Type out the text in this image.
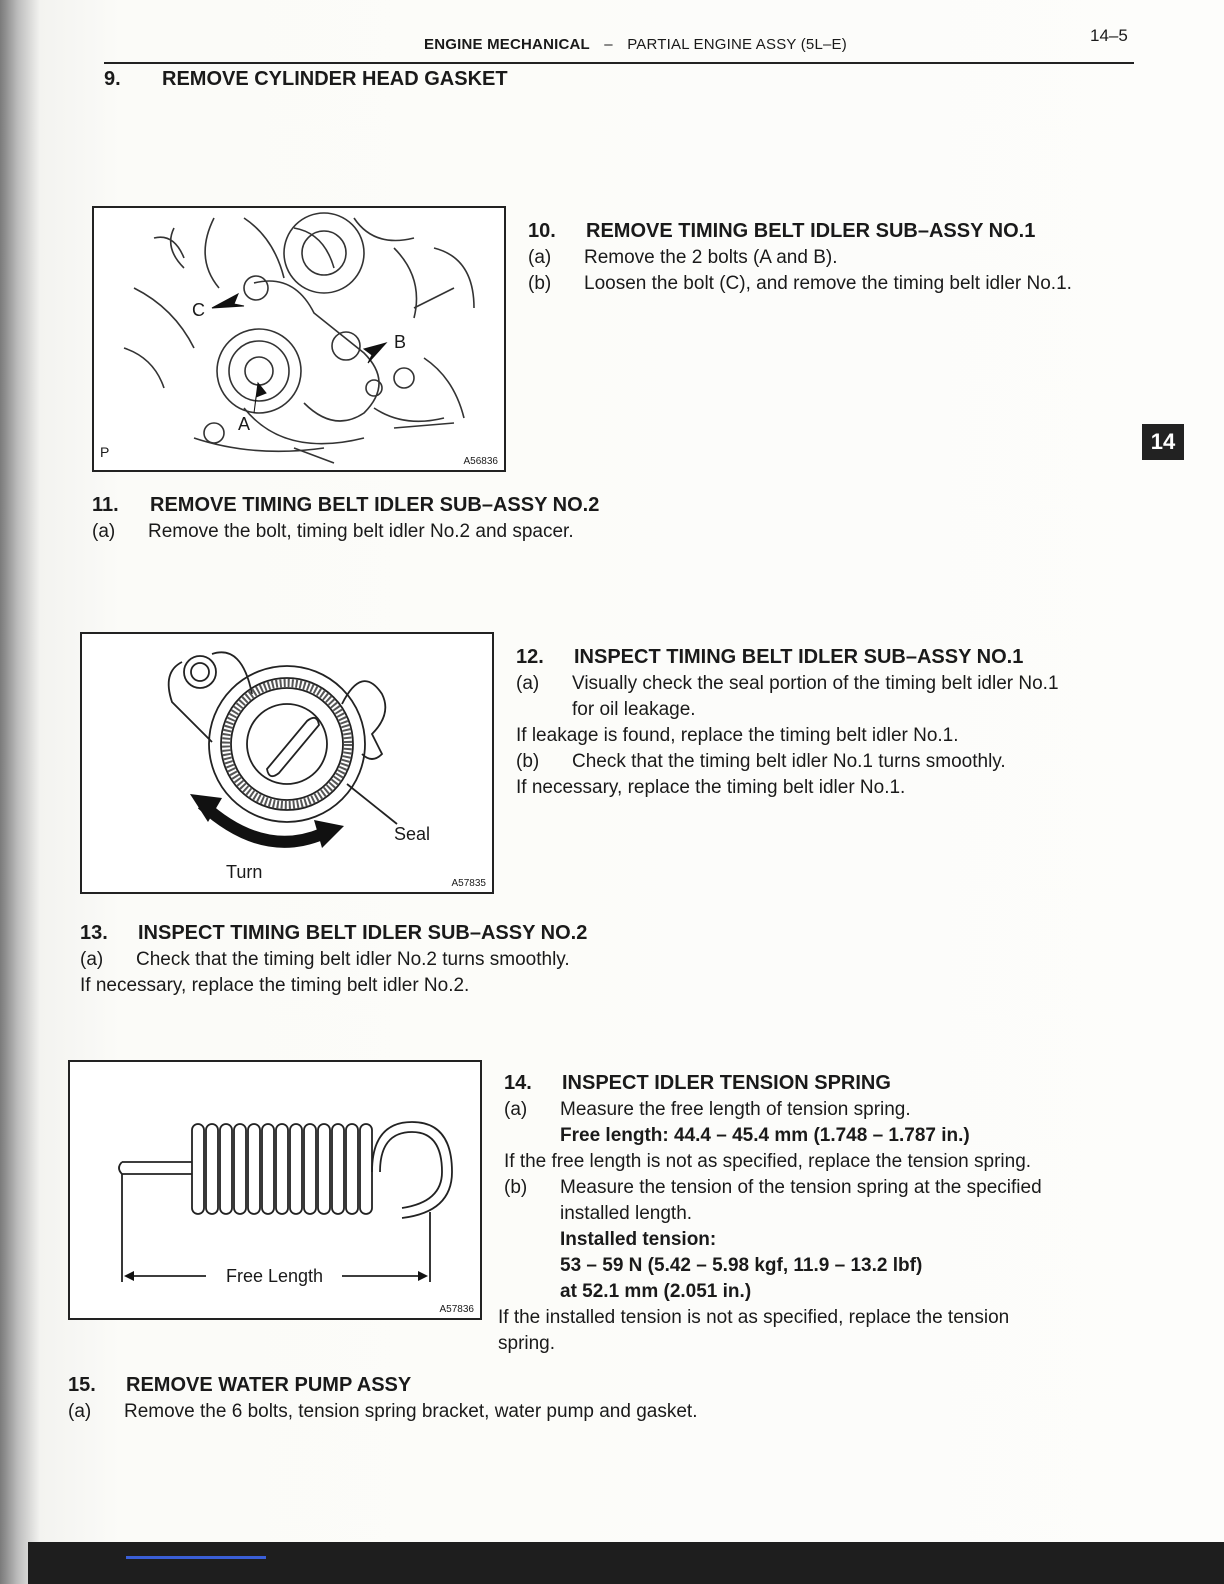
ENGINE MECHANICAL – PARTIAL ENGINE ASSY (5L–E)	14–5
14
9. REMOVE CYLINDER HEAD GASKET
C
B
A
P
A56836
10. REMOVE TIMING BELT IDLER SUB–ASSY NO.1
(a) Remove the 2 bolts (A and B).
(b) Loosen the bolt (C), and remove the timing belt idler No.1.
11. REMOVE TIMING BELT IDLER SUB–ASSY NO.2
(a) Remove the bolt, timing belt idler No.2 and spacer.
Seal
Turn
A57835
12. INSPECT TIMING BELT IDLER SUB–ASSY NO.1
(a) Visually check the seal portion of the timing belt idler No.1
for oil leakage.
If leakage is found, replace the timing belt idler No.1.
(b) Check that the timing belt idler No.1 turns smoothly.
If necessary, replace the timing belt idler No.1.
13. INSPECT TIMING BELT IDLER SUB–ASSY NO.2
(a) Check that the timing belt idler No.2 turns smoothly.
If necessary, replace the timing belt idler No.2.
Free Length
A57836
14. INSPECT IDLER TENSION SPRING
(a) Measure the free length of tension spring.
Free length: 44.4 – 45.4 mm (1.748 – 1.787 in.)
If the free length is not as specified, replace the tension spring.
(b) Measure the tension of the tension spring at the specified
installed length.
Installed tension:
53 – 59 N (5.42 – 5.98 kgf, 11.9 – 13.2 lbf)
at 52.1 mm (2.051 in.)
If the installed tension is not as specified, replace the tension
spring.
15. REMOVE WATER PUMP ASSY
(a) Remove the 6 bolts, tension spring bracket, water pump and gasket.
